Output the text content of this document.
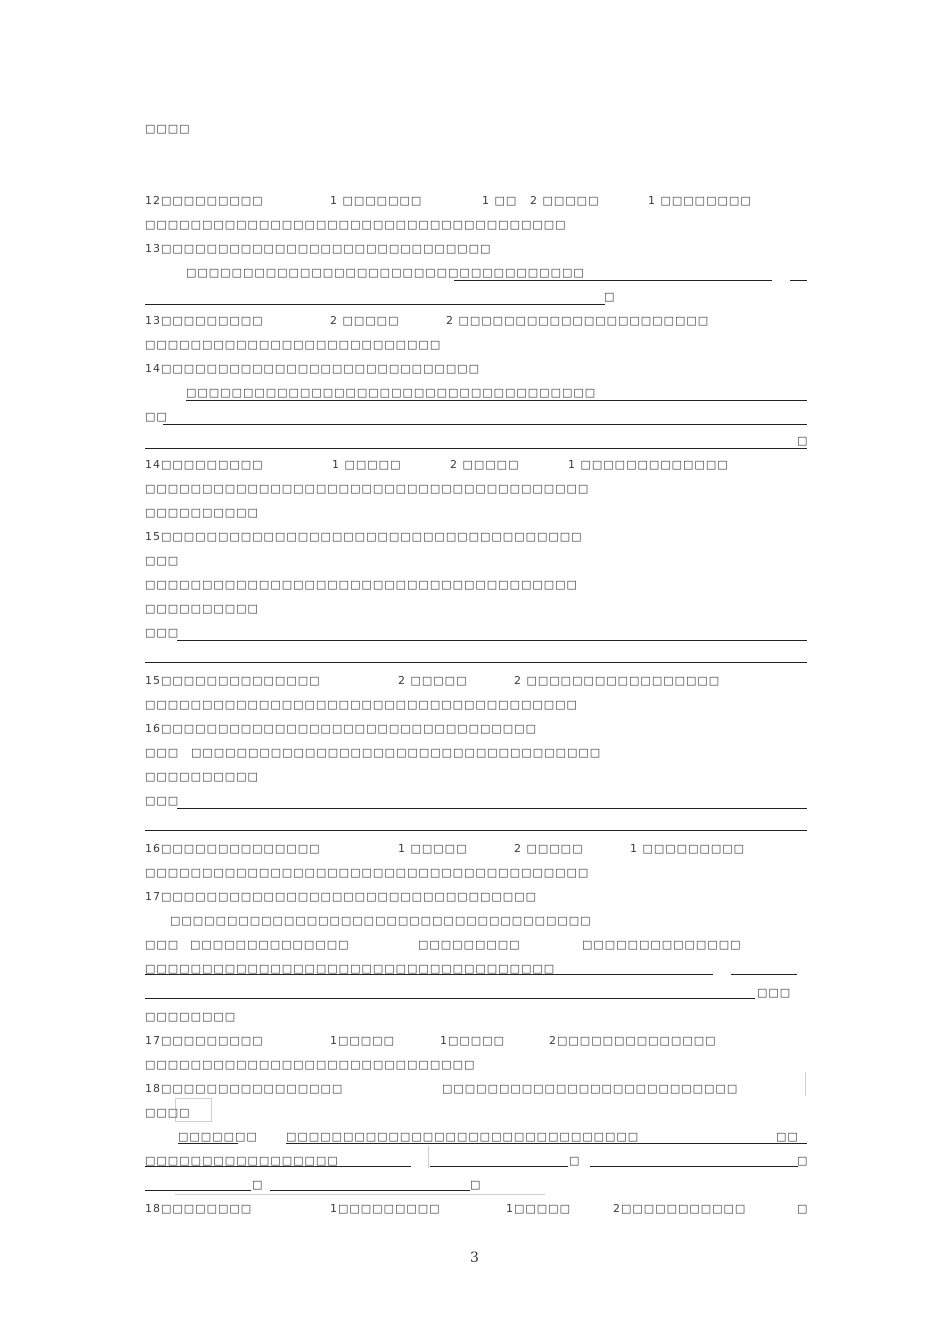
□□□□
12□□□□□□□□□	1 □□□□□□□	1 □□ 2 □□□□□	1 □□□□□□□□
□□□□□□□□□□□□□□□□□□□□□□□□□□□□□□□□□□□□□
13□□□□□□□□□□□□□□□□□□□□□□□□□□□□□
□□□□□□□□□□□□□□□□□□□□□□□□□□□□□□□□□□□
□
13□□□□□□□□□	2 □□□□□	2 □□□□□□□□□□□□□□□□□□□□□□
□□□□□□□□□□□□□□□□□□□□□□□□□□
14□□□□□□□□□□□□□□□□□□□□□□□□□□□□
□□□□□□□□□□□□□□□□□□□□□□□□□□□□□□□□□□□□
□□
□
14□□□□□□□□□	1 □□□□□	2 □□□□□	1 □□□□□□□□□□□□□
□□□□□□□□□□□□□□□□□□□□□□□□□□□□□□□□□□□□□□□
□□□□□□□□□□
15□□□□□□□□□□□□□□□□□□□□□□□□□□□□□□□□□□□□□
□□□
□□□□□□□□□□□□□□□□□□□□□□□□□□□□□□□□□□□□□□
□□□□□□□□□□
□□□
15□□□□□□□□□□□□□□	2 □□□□□	2 □□□□□□□□□□□□□□□□□
□□□□□□□□□□□□□□□□□□□□□□□□□□□□□□□□□□□□□□
16□□□□□□□□□□□□□□□□□□□□□□□□□□□□□□□□□
□□□ □□□□□□□□□□□□□□□□□□□□□□□□□□□□□□□□□□□□
□□□□□□□□□□
□□□
16□□□□□□□□□□□□□□	1 □□□□□	2 □□□□□	1 □□□□□□□□□
□□□□□□□□□□□□□□□□□□□□□□□□□□□□□□□□□□□□□□□
17□□□□□□□□□□□□□□□□□□□□□□□□□□□□□□□□□
□□□□□□□□□□□□□□□□□□□□□□□□□□□□□□□□□□□□□
□□□ □□□□□□□□□□□□□□	□□□□□□□□□	□□□□□□□□□□□□□□
□□□□□□□□□□□□□□□□□□□□□□□□□□□□□□□□□□□□
□□□
□□□□□□□□
17□□□□□□□□□	1□□□□□	1□□□□□	2□□□□□□□□□□□□□□
□□□□□□□□□□□□□□□□□□□□□□□□□□□□□
18□□□□□□□□□□□□□□□□	□□□□□□□□□□□□□□□□□□□□□□□□□□
□□□□
□□□□□□□	□□□□□□□□□□□□□□□□□□□□□□□□□□□□□□□	□□
□□□□□□□□□□□□□□□□□	□	□
□	□
18□□□□□□□□	1□□□□□□□□□	1□□□□□	2□□□□□□□□□□□	□
3
